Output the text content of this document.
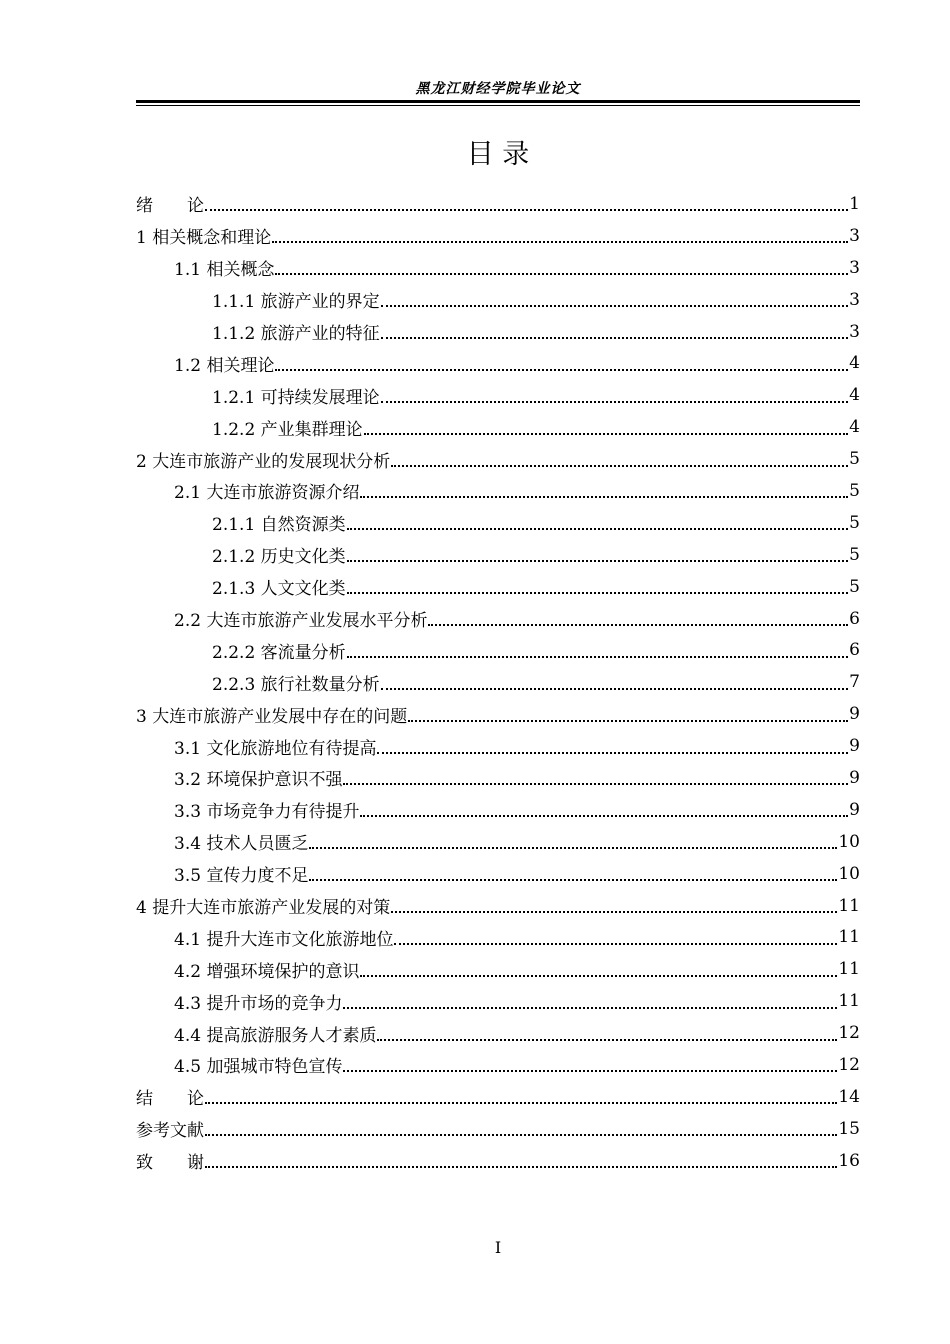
黑龙江财经学院毕业论文
目 录
绪　　论	1
1 相关概念和理论	3
1.1 相关概念	3
1.1.1 旅游产业的界定	3
1.1.2 旅游产业的特征	3
1.2 相关理论	4
1.2.1 可持续发展理论	4
1.2.2 产业集群理论	4
2 大连市旅游产业的发展现状分析	5
2.1 大连市旅游资源介绍	5
2.1.1 自然资源类	5
2.1.2 历史文化类	5
2.1.3 人文文化类	5
2.2 大连市旅游产业发展水平分析	6
2.2.2 客流量分析	6
2.2.3 旅行社数量分析	7
3 大连市旅游产业发展中存在的问题	9
3.1 文化旅游地位有待提高	9
3.2 环境保护意识不强	9
3.3 市场竞争力有待提升	9
3.4 技术人员匮乏	10
3.5 宣传力度不足	10
4 提升大连市旅游产业发展的对策	11
4.1 提升大连市文化旅游地位	11
4.2 增强环境保护的意识	11
4.3 提升市场的竞争力	11
4.4 提高旅游服务人才素质	12
4.5 加强城市特色宣传	12
结　　论	14
参考文献	15
致　　谢	16
I
